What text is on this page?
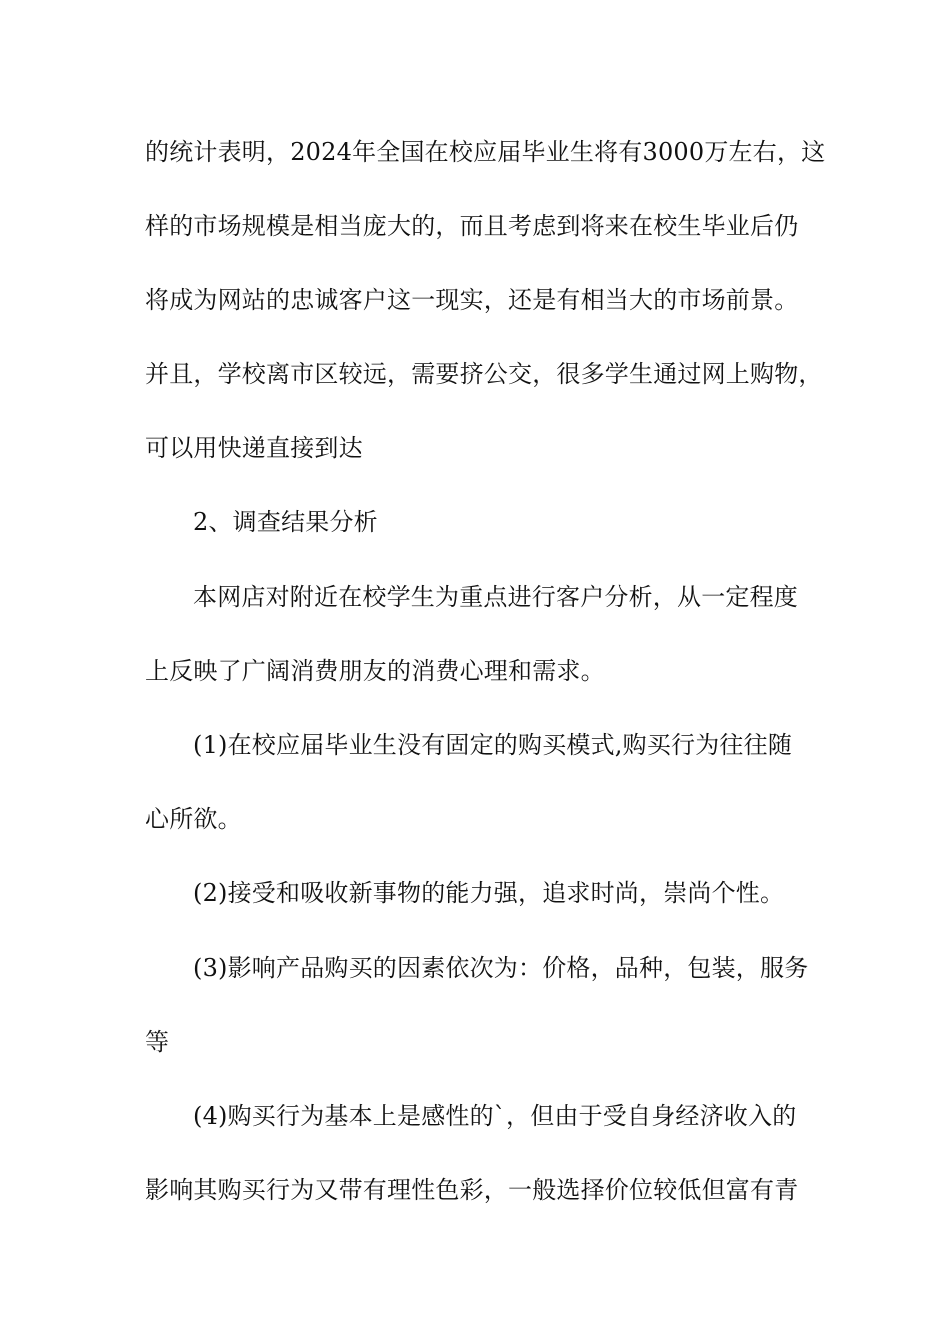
的统计表明，2024年全国在校应届毕业生将有3000万左右，这
样的市场规模是相当庞大的，而且考虑到将来在校生毕业后仍
将成为网站的忠诚客户这一现实，还是有相当大的市场前景。
并且，学校离市区较远，需要挤公交，很多学生通过网上购物，
可以用快递直接到达
2、调查结果分析
本网店对附近在校学生为重点进行客户分析，从一定程度
上反映了广阔消费朋友的消费心理和需求。
(1)在校应届毕业生没有固定的购买模式,购买行为往往随
心所欲。
(2)接受和吸收新事物的能力强，追求时尚，崇尚个性。
(3)影响产品购买的因素依次为：价格，品种，包装，服务
等
(4)购买行为基本上是感性的`，但由于受自身经济收入的
影响其购买行为又带有理性色彩，一般选择价位较低但富有青
